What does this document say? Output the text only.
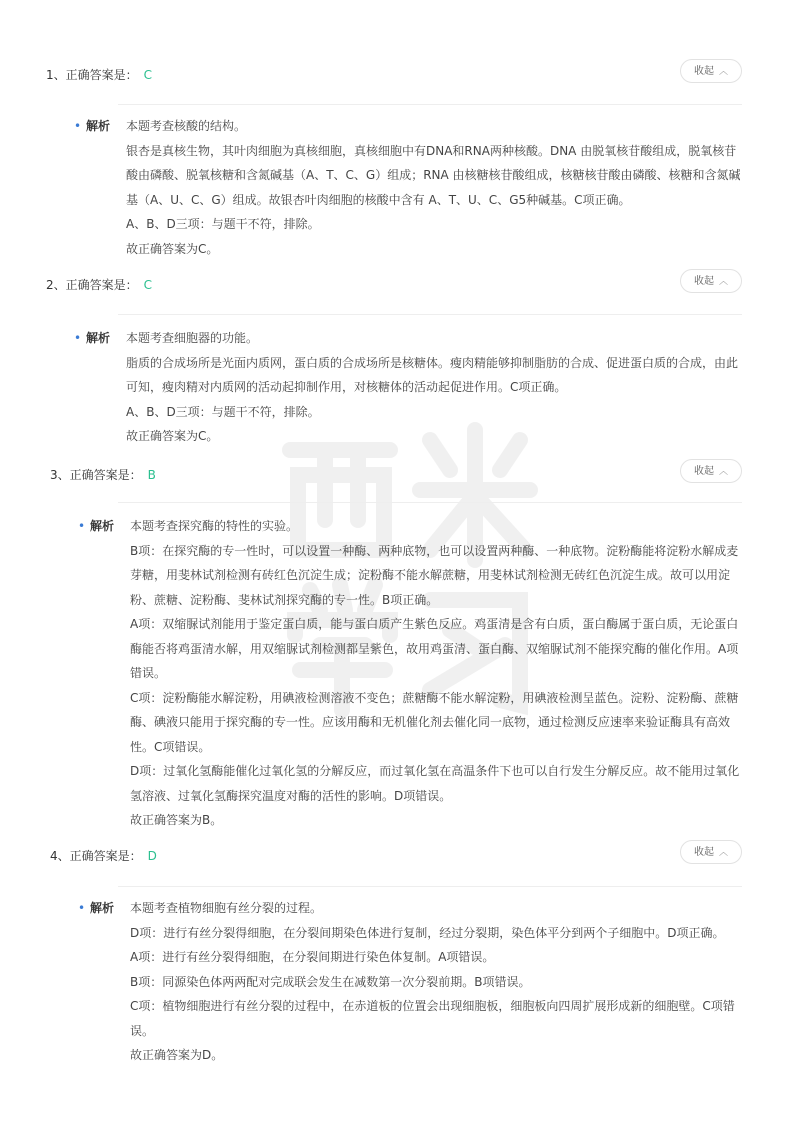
1、正确答案是： C	收起 ︿
• 解析 本题考查核酸的结构。

银杏是真核生物，其叶肉细胞为真核细胞，真核细胞中有DNA和RNA两种核酸。DNA 由脱氧核苷酸组成，脱氧核苷酸由磷酸、脱氧核糖和含氮碱基（A、T、C、G）组成；RNA 由核糖核苷酸组成，核糖核苷酸由磷酸、核糖和含氮碱基（A、U、C、G）组成。故银杏叶肉细胞的核酸中含有 A、T、U、C、G5种碱基。C项正确。

A、B、D三项：与题干不符，排除。

故正确答案为C。

2、正确答案是： C	收起 ︿
• 解析 本题考查细胞器的功能。

脂质的合成场所是光面内质网，蛋白质的合成场所是核糖体。瘦肉精能够抑制脂肪的合成、促进蛋白质的合成，由此可知，瘦肉精对内质网的活动起抑制作用，对核糖体的活动起促进作用。C项正确。

A、B、D三项：与题干不符，排除。

故正确答案为C。

3、正确答案是： B	收起 ︿
• 解析 本题考查探究酶的特性的实验。

B项：在探究酶的专一性时，可以设置一种酶、两种底物，也可以设置两种酶、一种底物。淀粉酶能将淀粉水解成麦芽糖，用斐林试剂检测有砖红色沉淀生成；淀粉酶不能水解蔗糖，用斐林试剂检测无砖红色沉淀生成。故可以用淀粉、蔗糖、淀粉酶、斐林试剂探究酶的专一性。B项正确。

A项：双缩脲试剂能用于鉴定蛋白质，能与蛋白质产生紫色反应。鸡蛋清是含有白质，蛋白酶属于蛋白质，无论蛋白酶能否将鸡蛋清水解，用双缩脲试剂检测都呈紫色，故用鸡蛋清、蛋白酶、双缩脲试剂不能探究酶的催化作用。A项错误。

C项：淀粉酶能水解淀粉，用碘液检测溶液不变色；蔗糖酶不能水解淀粉，用碘液检测呈蓝色。淀粉、淀粉酶、蔗糖酶、碘液只能用于探究酶的专一性。应该用酶和无机催化剂去催化同一底物，通过检测反应速率来验证酶具有高效性。C项错误。

D项：过氧化氢酶能催化过氧化氢的分解反应，而过氧化氢在高温条件下也可以自行发生分解反应。故不能用过氧化氢溶液、过氧化氢酶探究温度对酶的活性的影响。D项错误。

故正确答案为B。

4、正确答案是： D	收起 ︿
• 解析 本题考查植物细胞有丝分裂的过程。

D项：进行有丝分裂得细胞，在分裂间期染色体进行复制，经过分裂期，染色体平分到两个子细胞中。D项正确。

A项：进行有丝分裂得细胞，在分裂间期进行染色体复制。A项错误。

B项：同源染色体两两配对完成联会发生在减数第一次分裂前期。B项错误。

C项：植物细胞进行有丝分裂的过程中，在赤道板的位置会出现细胞板，细胞板向四周扩展形成新的细胞壁。C项错误。

故正确答案为D。
